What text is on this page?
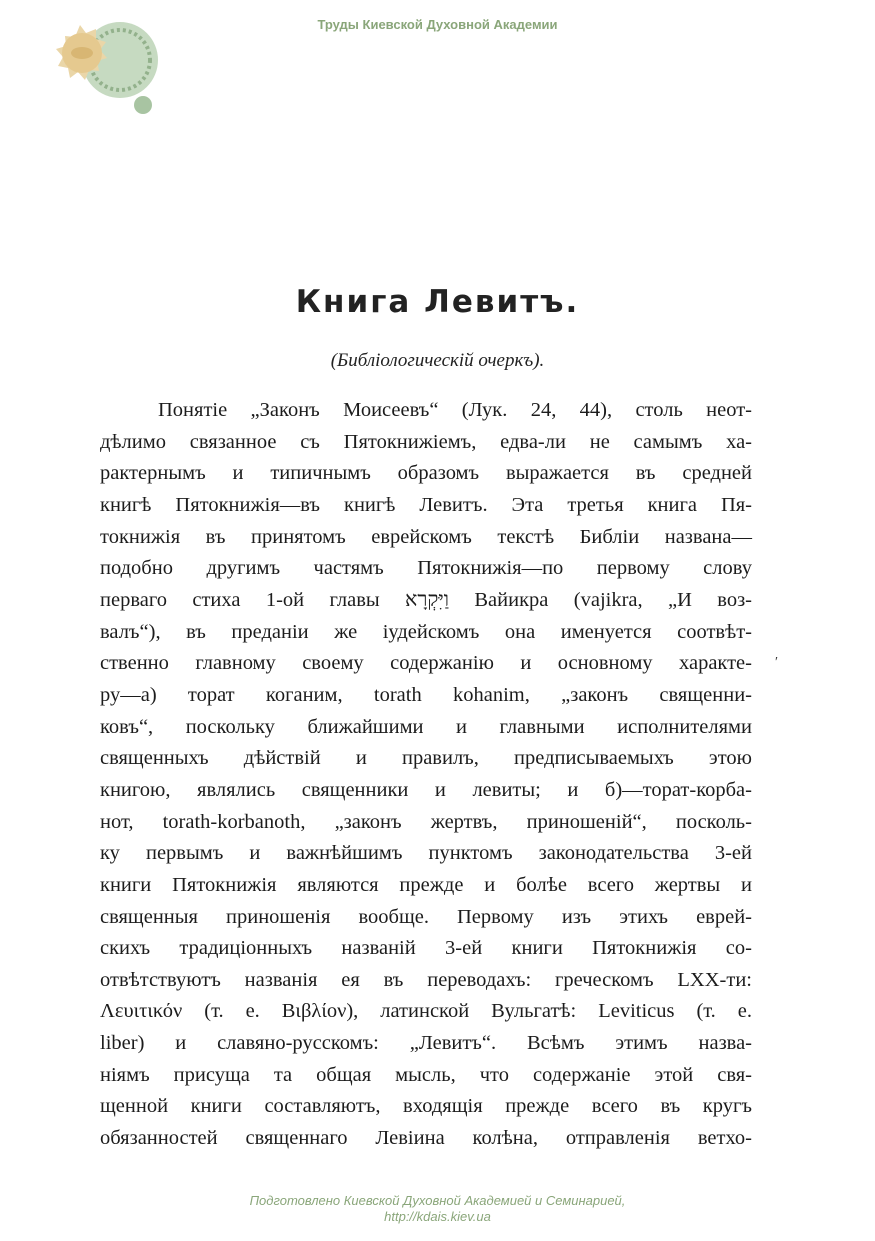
Труды Киевской Духовной Академии
Книга Левитъ.
(Библіологическій очеркъ).
Понятіе „Законъ Моисеевъ“ (Лук. 24, 44), столь неот-
дѣлимо связанное съ Пятокнижіемъ, едва-ли не самымъ ха-
рактернымъ и типичнымъ образомъ выражается въ средней
книгѣ Пятокнижія—въ книгѣ Левитъ. Эта третья книга Пя-
токнижія въ принятомъ еврейскомъ текстѣ Библіи названа—
подобно другимъ частямъ Пятокнижія—по первому слову
перваго стиха 1-ой главы וַיִּקְרָא Вайикра (vajikra, „И воз-
валъ“), въ преданіи же іудейскомъ она именуется соотвѣт-
ственно главному своему содержанію и основному характе-
ру—а) торат коганим, torath kohanim, „законъ священни-
ковъ“, поскольку ближайшими и главными исполнителями
священныхъ дѣйствій и правилъ, предписываемыхъ этою
книгою, являлись священники и левиты; и б)—торат-корба-
нот, torath-korbanoth, „законъ жертвъ, приношеній“, посколь-
ку первымъ и важнѣйшимъ пунктомъ законодательства 3-ей
книги Пятокнижія являются прежде и болѣе всего жертвы и
священныя приношенія вообще. Первому изъ этихъ еврей-
скихъ традиціонныхъ названій 3-ей книги Пятокнижія со-
отвѣтствуютъ названія ея въ переводахъ: греческомъ LXX-ти:
Λευιτικόν (т. е. Βιβλίον), латинской Вульгатѣ: Leviticus (т. е.
liber) и славяно-русскомъ: „Левитъ“. Всѣмъ этимъ назва-
ніямъ присуща та общая мысль, что содержаніе этой свя-
щенной книги составляютъ, входящія прежде всего въ кругъ
обязанностей священнаго Левіина колѣна, отправленія ветхо-
′
Подготовлено Киевской Духовной Академией и Семинарией,
http://kdais.kiev.ua
